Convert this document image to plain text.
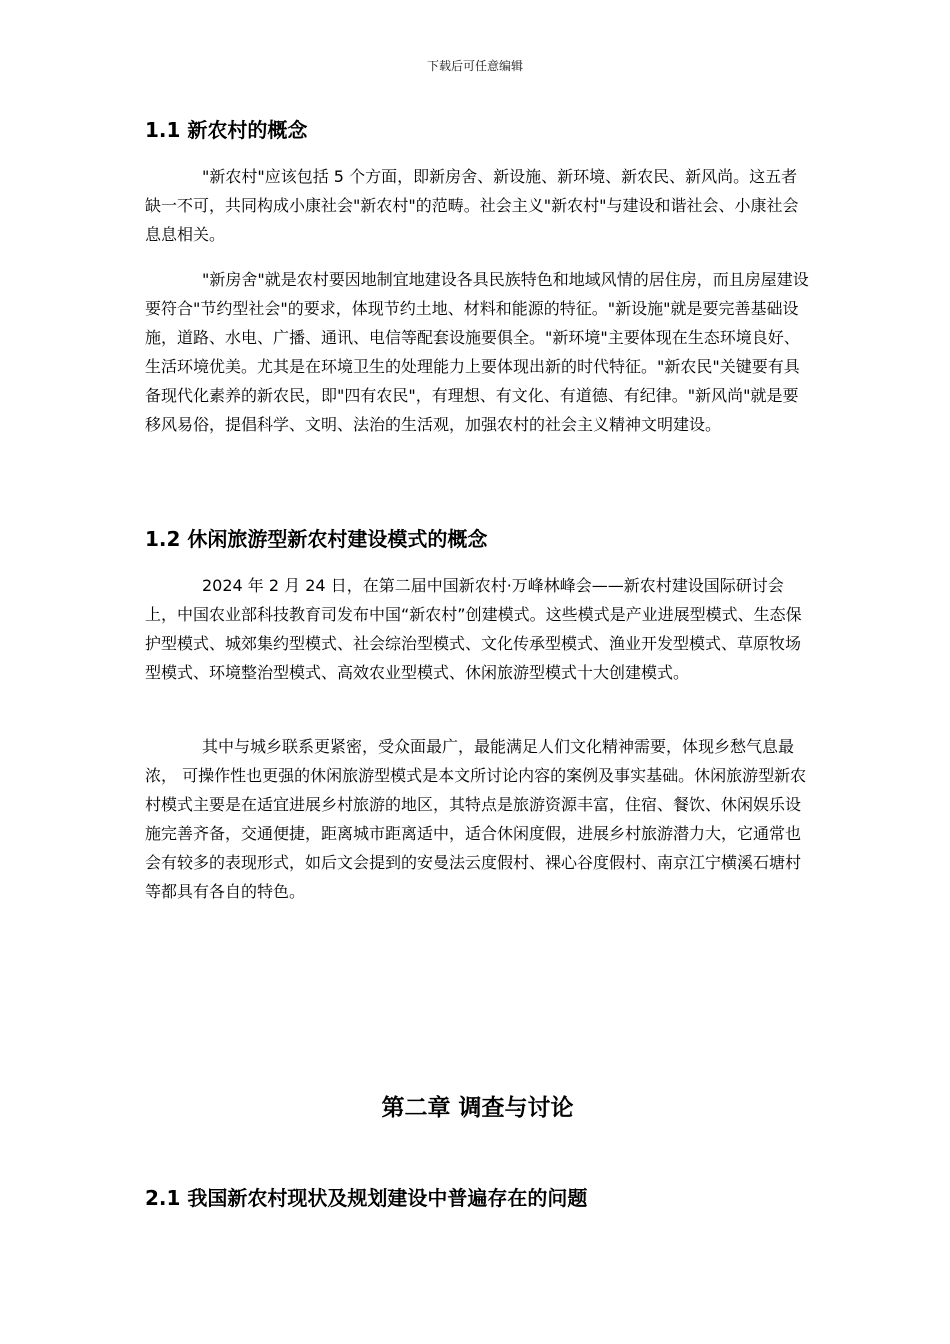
下载后可任意编辑
1.1 新农村的概念

"新农村"应该包括 5 个方面，即新房舍、新设施、新环境、新农民、新风尚。这五者缺一不可，共同构成小康社会"新农村"的范畴。社会主义"新农村"与建设和谐社会、小康社会息息相关。

"新房舍"就是农村要因地制宜地建设各具民族特色和地域风情的居住房，而且房屋建设要符合"节约型社会"的要求，体现节约土地、材料和能源的特征。"新设施"就是要完善基础设施，道路、水电、广播、通讯、电信等配套设施要俱全。"新环境"主要体现在生态环境良好、生活环境优美。尤其是在环境卫生的处理能力上要体现出新的时代特征。"新农民"关键要有具备现代化素养的新农民，即"四有农民"，有理想、有文化、有道德、有纪律。"新风尚"就是要移风易俗，提倡科学、文明、法治的生活观，加强农村的社会主义精神文明建设。

1.2 休闲旅游型新农村建设模式的概念

2024 年 2 月 24 日，在第二届中国新农村·万峰林峰会——新农村建设国际研讨会上，中国农业部科技教育司发布中国“新农村”创建模式。这些模式是产业进展型模式、生态保护型模式、城郊集约型模式、社会综治型模式、文化传承型模式、渔业开发型模式、草原牧场型模式、环境整治型模式、高效农业型模式、休闲旅游型模式十大创建模式。

其中与城乡联系更紧密，受众面最广，最能满足人们文化精神需要，体现乡愁气息最浓， 可操作性也更强的休闲旅游型模式是本文所讨论内容的案例及事实基础。休闲旅游型新农村模式主要是在适宜进展乡村旅游的地区，其特点是旅游资源丰富，住宿、餐饮、休闲娱乐设施完善齐备，交通便捷，距离城市距离适中，适合休闲度假，进展乡村旅游潜力大，它通常也会有较多的表现形式，如后文会提到的安曼法云度假村、裸心谷度假村、南京江宁横溪石塘村等都具有各自的特色。

第二章 调查与讨论
2.1 我国新农村现状及规划建设中普遍存在的问题
